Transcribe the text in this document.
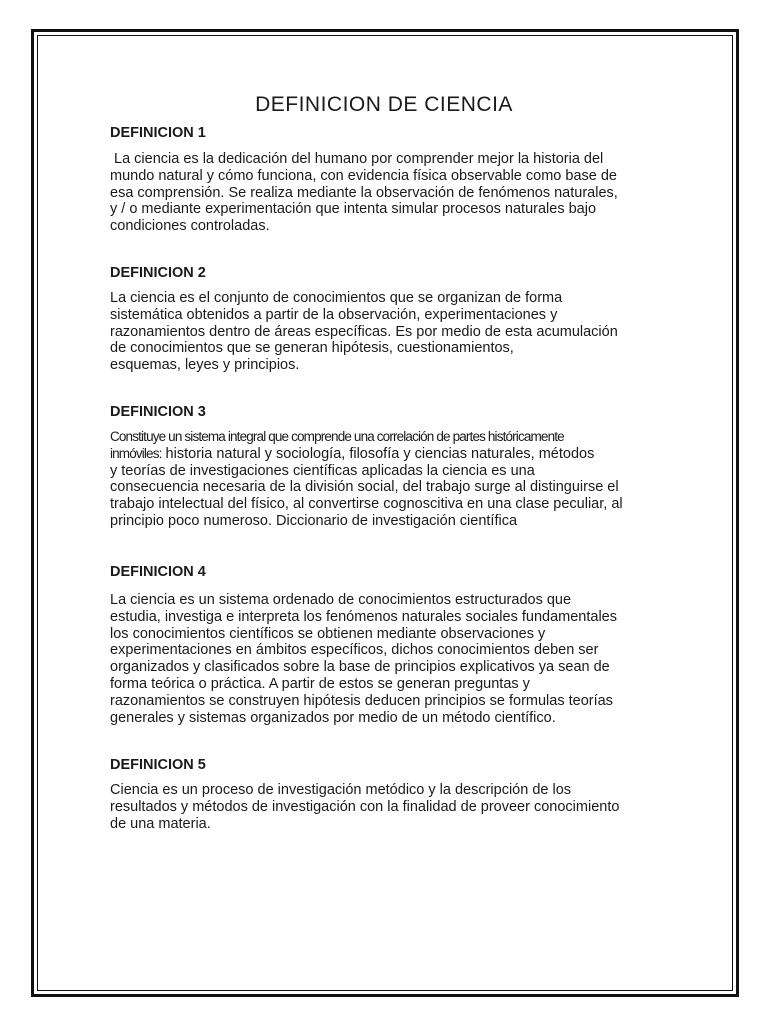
DEFINICION DE CIENCIA
DEFINICION 1
La ciencia es la dedicación del humano por comprender mejor la historia del
mundo natural y cómo funciona, con evidencia física observable como base de
esa comprensión. Se realiza mediante la observación de fenómenos naturales,
y / o mediante experimentación que intenta simular procesos naturales bajo
condiciones controladas.
DEFINICION 2
La ciencia es el conjunto de conocimientos que se organizan de forma
sistemática obtenidos a partir de la observación, experimentaciones y
razonamientos dentro de áreas específicas. Es por medio de esta acumulación
de conocimientos que se generan hipótesis, cuestionamientos,
esquemas, leyes y principios.
DEFINICION 3
Constituye un sistema integral que comprende una correlación de partes históricamente
inmóviles: historia natural y sociología, filosofía y ciencias naturales, métodos
y teorías de investigaciones científicas aplicadas la ciencia es una
consecuencia necesaria de la división social, del trabajo surge al distinguirse el
trabajo intelectual del físico, al convertirse cognoscitiva en una clase peculiar, al
principio poco numeroso. Diccionario de investigación científica
DEFINICION 4
La ciencia es un sistema ordenado de conocimientos estructurados que
estudia, investiga e interpreta los fenómenos naturales sociales fundamentales
los conocimientos científicos se obtienen mediante observaciones y
experimentaciones en ámbitos específicos, dichos conocimientos deben ser
organizados y clasificados sobre la base de principios explicativos ya sean de
forma teórica o práctica. A partir de estos se generan preguntas y
razonamientos se construyen hipótesis deducen principios se formulas teorías
generales y sistemas organizados por medio de un método científico.
DEFINICION 5
Ciencia es un proceso de investigación metódico y la descripción de los
resultados y métodos de investigación con la finalidad de proveer conocimiento
de una materia.
